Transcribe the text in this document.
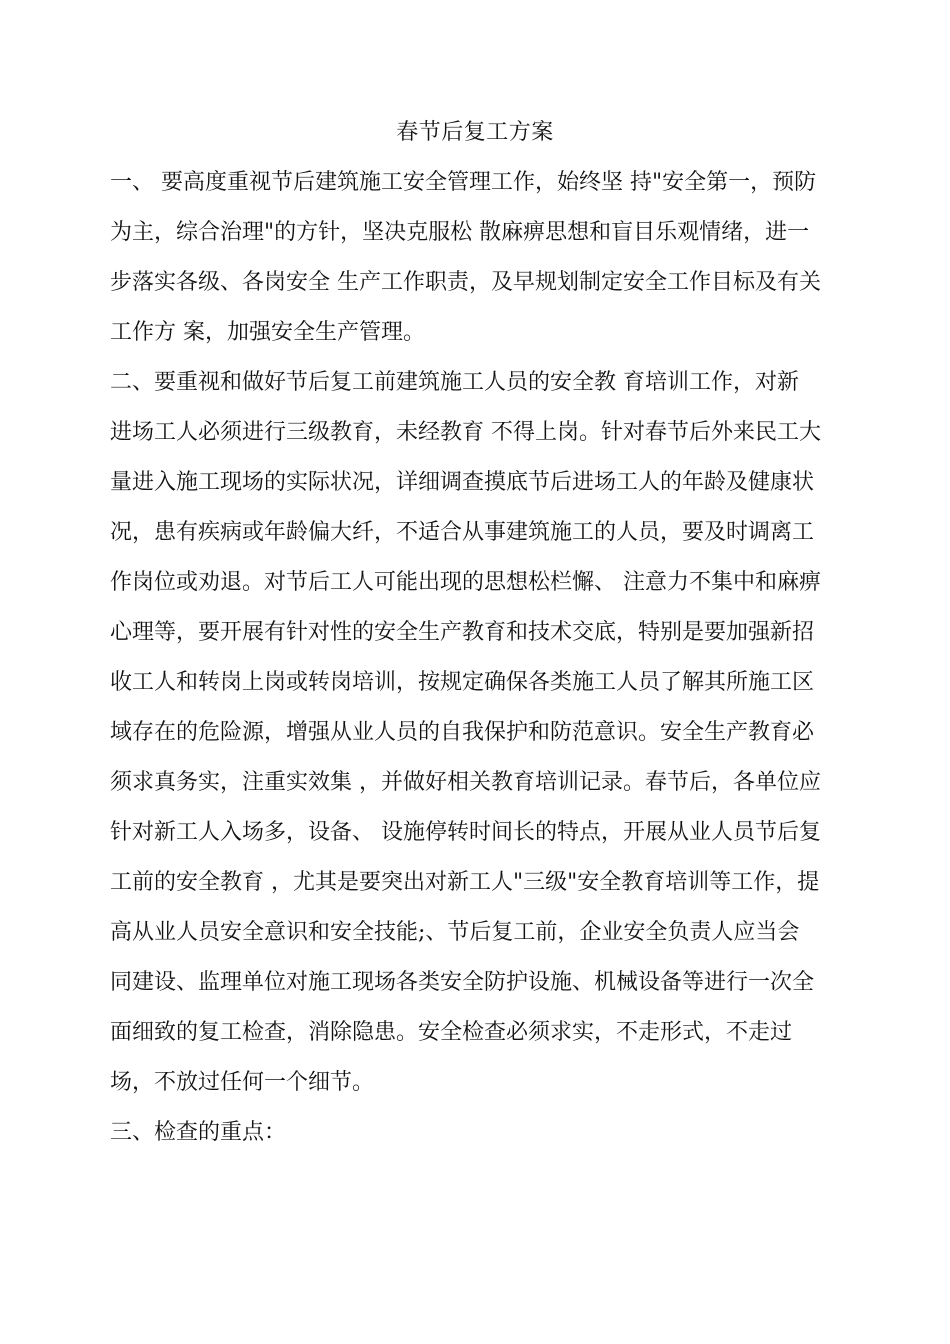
春节后复工方案
一、 要高度重视节后建筑施工安全管理工作，始终坚 持"安全第一，预防
为主，综合治理"的方针，坚决克服松 散麻痹思想和盲目乐观情绪，进一
步落实各级、各岗安全 生产工作职责，及早规划制定安全工作目标及有关
工作方 案，加强安全生产管理。
二、要重视和做好节后复工前建筑施工人员的安全教 育培训工作，对新
进场工人必须进行三级教育，未经教育 不得上岗。针对春节后外来民工大
量进入施工现场的实际状况，详细调查摸底节后进场工人的年龄及健康状
况，患有疾病或年龄偏大纤，不适合从事建筑施工的人员，要及时调离工
作岗位或劝退。对节后工人可能出现的思想松栏懈、 注意力不集中和麻痹
心理等，要开展有针对性的安全生产教育和技术交底，特别是要加强新招
收工人和转岗上岗或转岗培训，按规定确保各类施工人员了解其所施工区
域存在的危险源，增强从业人员的自我保护和防范意识。安全生产教育必
须求真务实，注重实效集 ，并做好相关教育培训记录。春节后，各单位应
针对新工人入场多，设备、 设施停转时间长的特点，开展从业人员节后复
工前的安全教育 ，尤其是要突出对新工人"三级"安全教育培训等工作，提
高从业人员安全意识和安全技能;、节后复工前，企业安全负责人应当会
同建设、监理单位对施工现场各类安全防护设施、机械设备等进行一次全
面细致的复工检查，消除隐患。安全检查必须求实，不走形式，不走过
场，不放过任何一个细节。
三、检查的重点：
